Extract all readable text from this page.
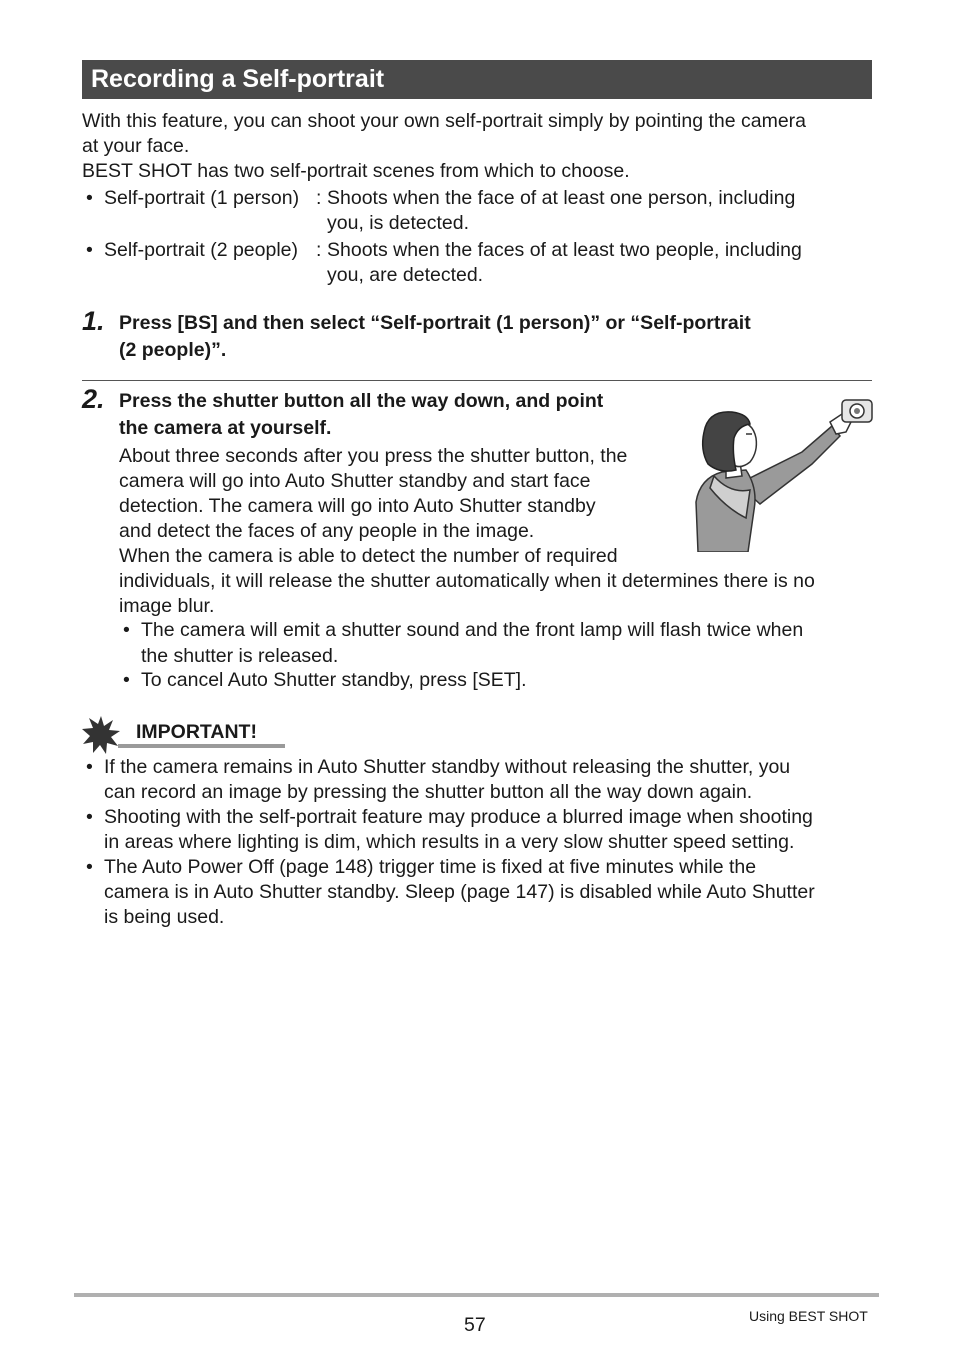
Recording a Self-portrait
With this feature, you can shoot your own self-portrait simply by pointing the camera
at your face.
BEST SHOT has two self-portrait scenes from which to choose.
• Self-portrait (1 person) : Shoots when the face of at least one person, including
you, is detected.
• Self-portrait (2 people) : Shoots when the faces of at least two people, including
you, are detected.
1. Press [BS] and then select “Self-portrait (1 person)” or “Self-portrait
(2 people)”.
2. Press the shutter button all the way down, and point
the camera at yourself.
About three seconds after you press the shutter button, the
camera will go into Auto Shutter standby and start face
detection. The camera will go into Auto Shutter standby
and detect the faces of any people in the image.
When the camera is able to detect the number of required
individuals, it will release the shutter automatically when it determines there is no
image blur.
• The camera will emit a shutter sound and the front lamp will flash twice when
the shutter is released.
• To cancel Auto Shutter standby, press [SET].
IMPORTANT!
• If the camera remains in Auto Shutter standby without releasing the shutter, you
can record an image by pressing the shutter button all the way down again.
• Shooting with the self-portrait feature may produce a blurred image when shooting
in areas where lighting is dim, which results in a very slow shutter speed setting.
• The Auto Power Off (page 148) trigger time is fixed at five minutes while the
camera is in Auto Shutter standby. Sleep (page 147) is disabled while Auto Shutter
is being used.
57	Using BEST SHOT
